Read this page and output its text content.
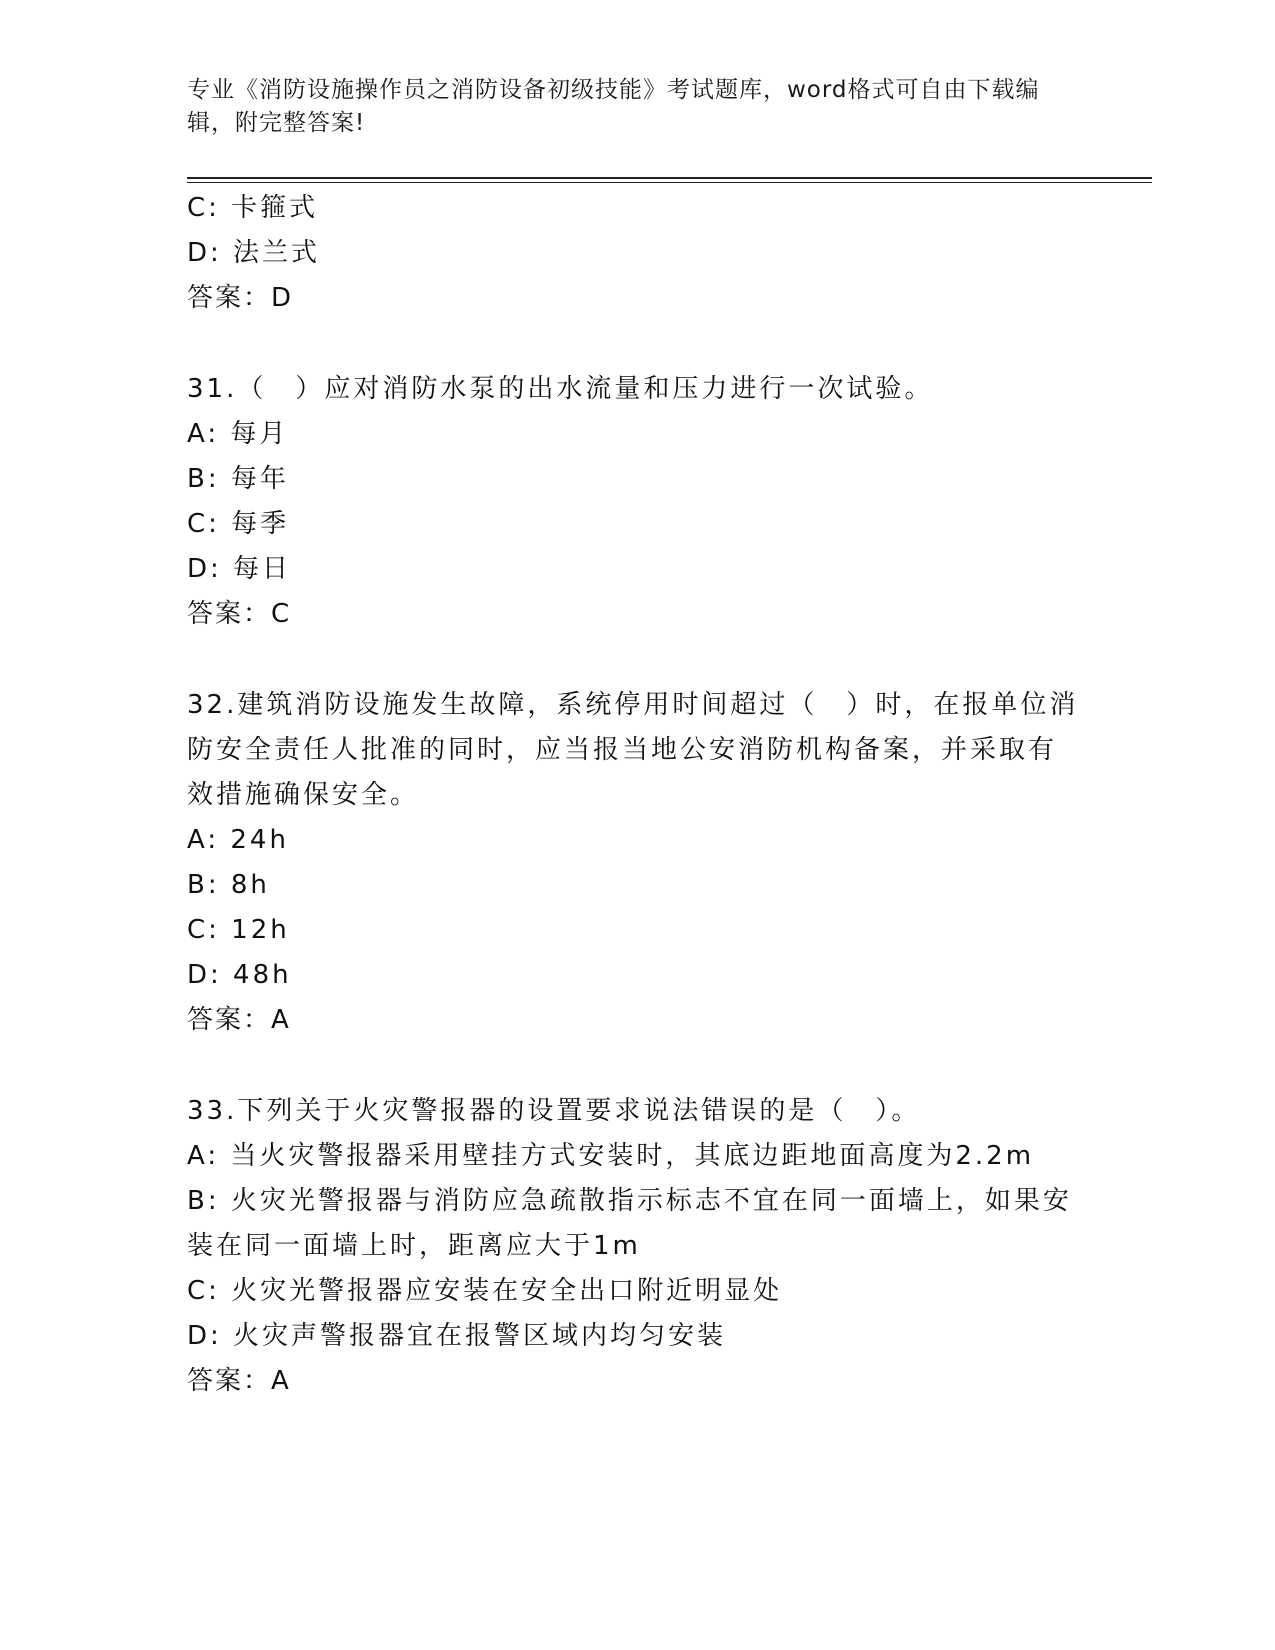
专业《消防设施操作员之消防设备初级技能》考试题库，word格式可自由下载编
辑，附完整答案!
C: 卡箍式
D: 法兰式
答案：D
31.（　）应对消防水泵的出水流量和压力进行一次试验。
A: 每月
B: 每年
C: 每季
D: 每日
答案：C
32.建筑消防设施发生故障，系统停用时间超过（　）时，在报单位消
防安全责任人批准的同时，应当报当地公安消防机构备案，并采取有
效措施确保安全。
A: 24h
B: 8h
C: 12h
D: 48h
答案：A
33.下列关于火灾警报器的设置要求说法错误的是（　）。
A: 当火灾警报器采用壁挂方式安装时，其底边距地面高度为2.2m
B: 火灾光警报器与消防应急疏散指示标志不宜在同一面墙上，如果安
装在同一面墙上时，距离应大于1m
C: 火灾光警报器应安装在安全出口附近明显处
D: 火灾声警报器宜在报警区域内均匀安装
答案：A
